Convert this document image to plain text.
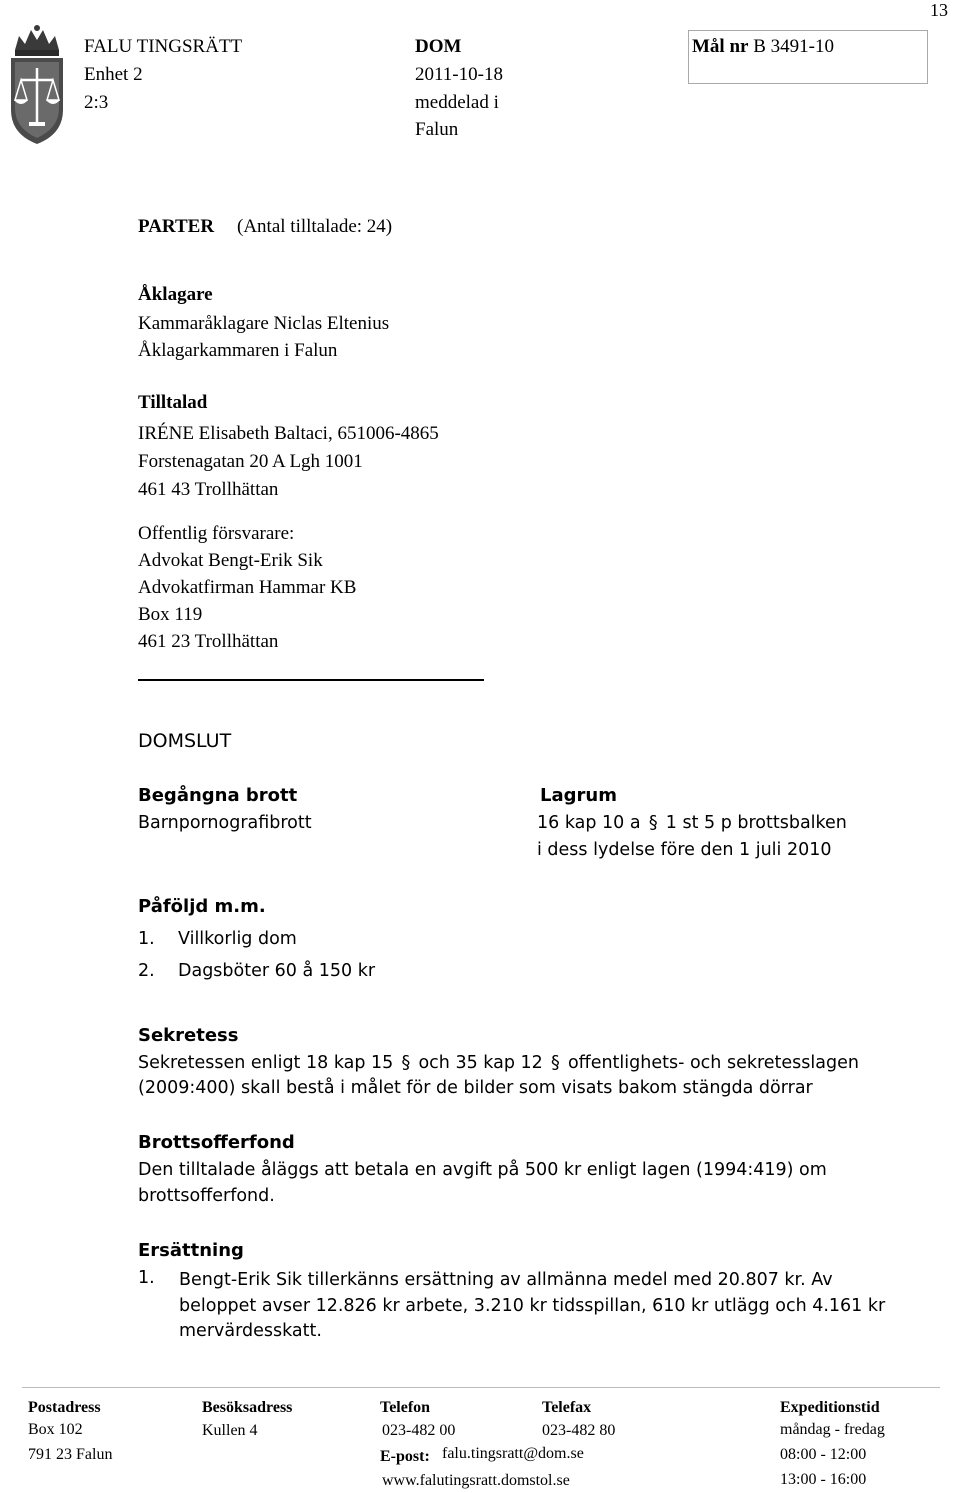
13
FALU TINGSRÄTT
Enhet 2
2:3
DOM
2011-10-18
meddelad i
Falun
Mål nr B 3491-10
PARTER (Antal tilltalade: 24)
Åklagare
Kammaråklagare Niclas Eltenius
Åklagarkammaren i Falun
Tilltalad
IRÉNE Elisabeth Baltaci, 651006-4865
Forstenagatan 20 A Lgh 1001
461 43 Trollhättan
Offentlig försvarare:
Advokat Bengt-Erik Sik
Advokatfirman Hammar KB
Box 119
461 23 Trollhättan
DOMSLUT
Begångna brott
Barnpornografibrott
Lagrum
16 kap 10 a § 1 st 5 p brottsbalken
i dess lydelse före den 1 juli 2010
Påföljd m.m.
1. Villkorlig dom
2. Dagsböter 60 å 150 kr
Sekretess
Sekretessen enligt 18 kap 15 § och 35 kap 12 § offentlighets- och sekretesslagen
(2009:400) skall bestå i målet för de bilder som visats bakom stängda dörrar
Brottsofferfond
Den tilltalade åläggs att betala en avgift på 500 kr enligt lagen (1994:419) om
brottsofferfond.
Ersättning
1. Bengt-Erik Sik tillerkänns ersättning av allmänna medel med 20.807 kr. Av
beloppet avser 12.826 kr arbete, 3.210 kr tidsspillan, 610 kr utlägg och 4.161 kr
mervärdesskatt.
Postadress
Box 102
791 23 Falun
Besöksadress
Kullen 4
Telefon
023-482 00
E-post: falu.tingsratt@dom.se
www.falutingsratt.domstol.se
Telefax
023-482 80
Expeditionstid
måndag - fredag
08:00 - 12:00
13:00 - 16:00
